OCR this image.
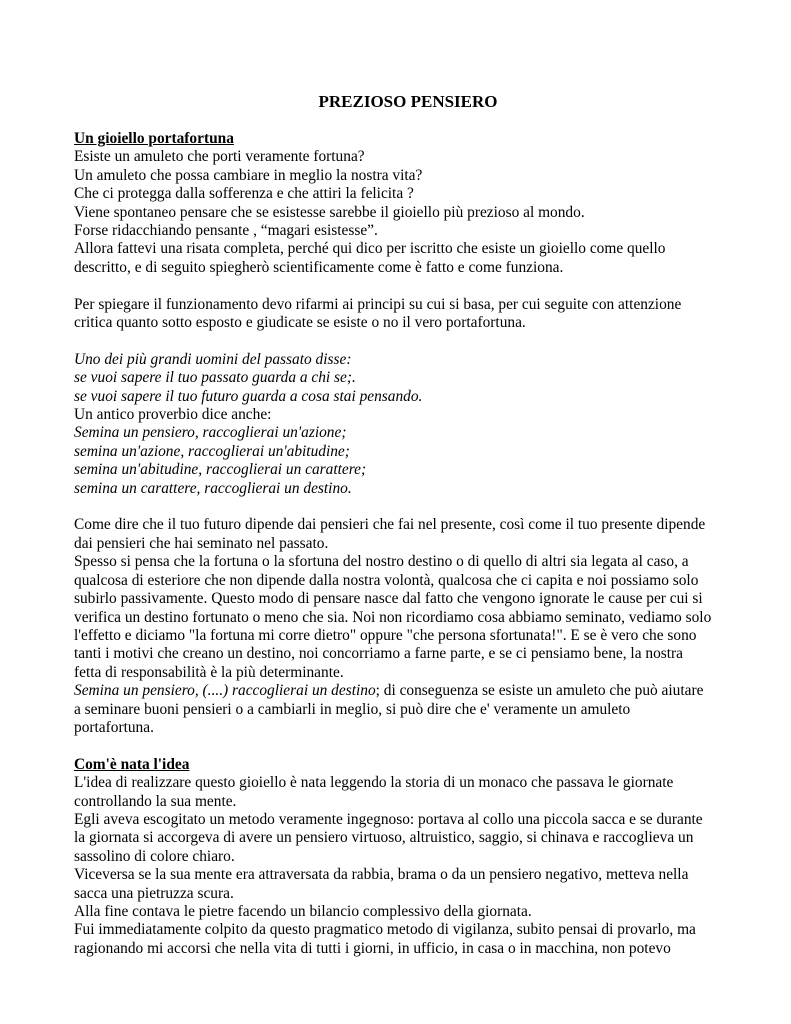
PREZIOSO PENSIERO
Un gioiello portafortuna
Esiste un amuleto che porti veramente fortuna?
Un amuleto che possa cambiare in meglio la nostra vita?
Che ci protegga dalla sofferenza e che attiri la felicita ?
Viene spontaneo pensare che se esistesse sarebbe il gioiello più prezioso al mondo.
Forse ridacchiando pensante , “magari esistesse”.
Allora fattevi una risata completa, perché qui dico per iscritto che esiste un gioiello come quello
descritto, e di seguito spiegherò scientificamente come è fatto e come funziona.
Per spiegare il funzionamento devo rifarmi ai principi su cui si basa, per cui seguite con attenzione
critica quanto sotto esposto e giudicate se esiste o no il vero portafortuna.
Uno dei più grandi uomini del passato disse:
se vuoi sapere il tuo passato guarda a chi se;.
se vuoi sapere il tuo futuro guarda a cosa stai pensando.
Un antico proverbio dice anche:
Semina un pensiero, raccoglierai un'azione;
semina un'azione, raccoglierai un'abitudine;
semina un'abitudine, raccoglierai un carattere;
semina un carattere, raccoglierai un destino.
Come dire che il tuo futuro dipende dai pensieri che fai nel presente, così come il tuo presente dipende
dai pensieri che hai seminato nel passato.
Spesso si pensa che la fortuna o la sfortuna del nostro destino o di quello di altri sia legata al caso, a
qualcosa di esteriore che non dipende dalla nostra volontà, qualcosa che ci capita e noi possiamo solo
subirlo passivamente. Questo modo di pensare nasce dal fatto che vengono ignorate le cause per cui si
verifica un destino fortunato o meno che sia. Noi non ricordiamo cosa abbiamo seminato, vediamo solo
l'effetto e diciamo "la fortuna mi corre dietro" oppure "che persona sfortunata!". E se è vero che sono
tanti i motivi che creano un destino, noi concorriamo a farne parte, e se ci pensiamo bene, la nostra
fetta di responsabilità è la più determinante.
Semina un pensiero, (....) raccoglierai un destino; di conseguenza se esiste un amuleto che può aiutare
a seminare buoni pensieri o a cambiarli in meglio, si può dire che e' veramente un amuleto
portafortuna.
Com'è nata l'idea
L'idea di realizzare questo gioiello è nata leggendo la storia di un monaco che passava le giornate
controllando la sua mente.
Egli aveva escogitato un metodo veramente ingegnoso: portava al collo una piccola sacca e se durante
la giornata si accorgeva di avere un pensiero virtuoso, altruistico, saggio, si chinava e raccoglieva un
sassolino di colore chiaro.
Viceversa se la sua mente era attraversata da rabbia, brama o da un pensiero negativo, metteva nella
sacca una pietruzza scura.
Alla fine contava le pietre facendo un bilancio complessivo della giornata.
Fui immediatamente colpito da questo pragmatico metodo di vigilanza, subito pensai di provarlo, ma
ragionando mi accorsi che nella vita di tutti i giorni, in ufficio, in casa o in macchina, non potevo
